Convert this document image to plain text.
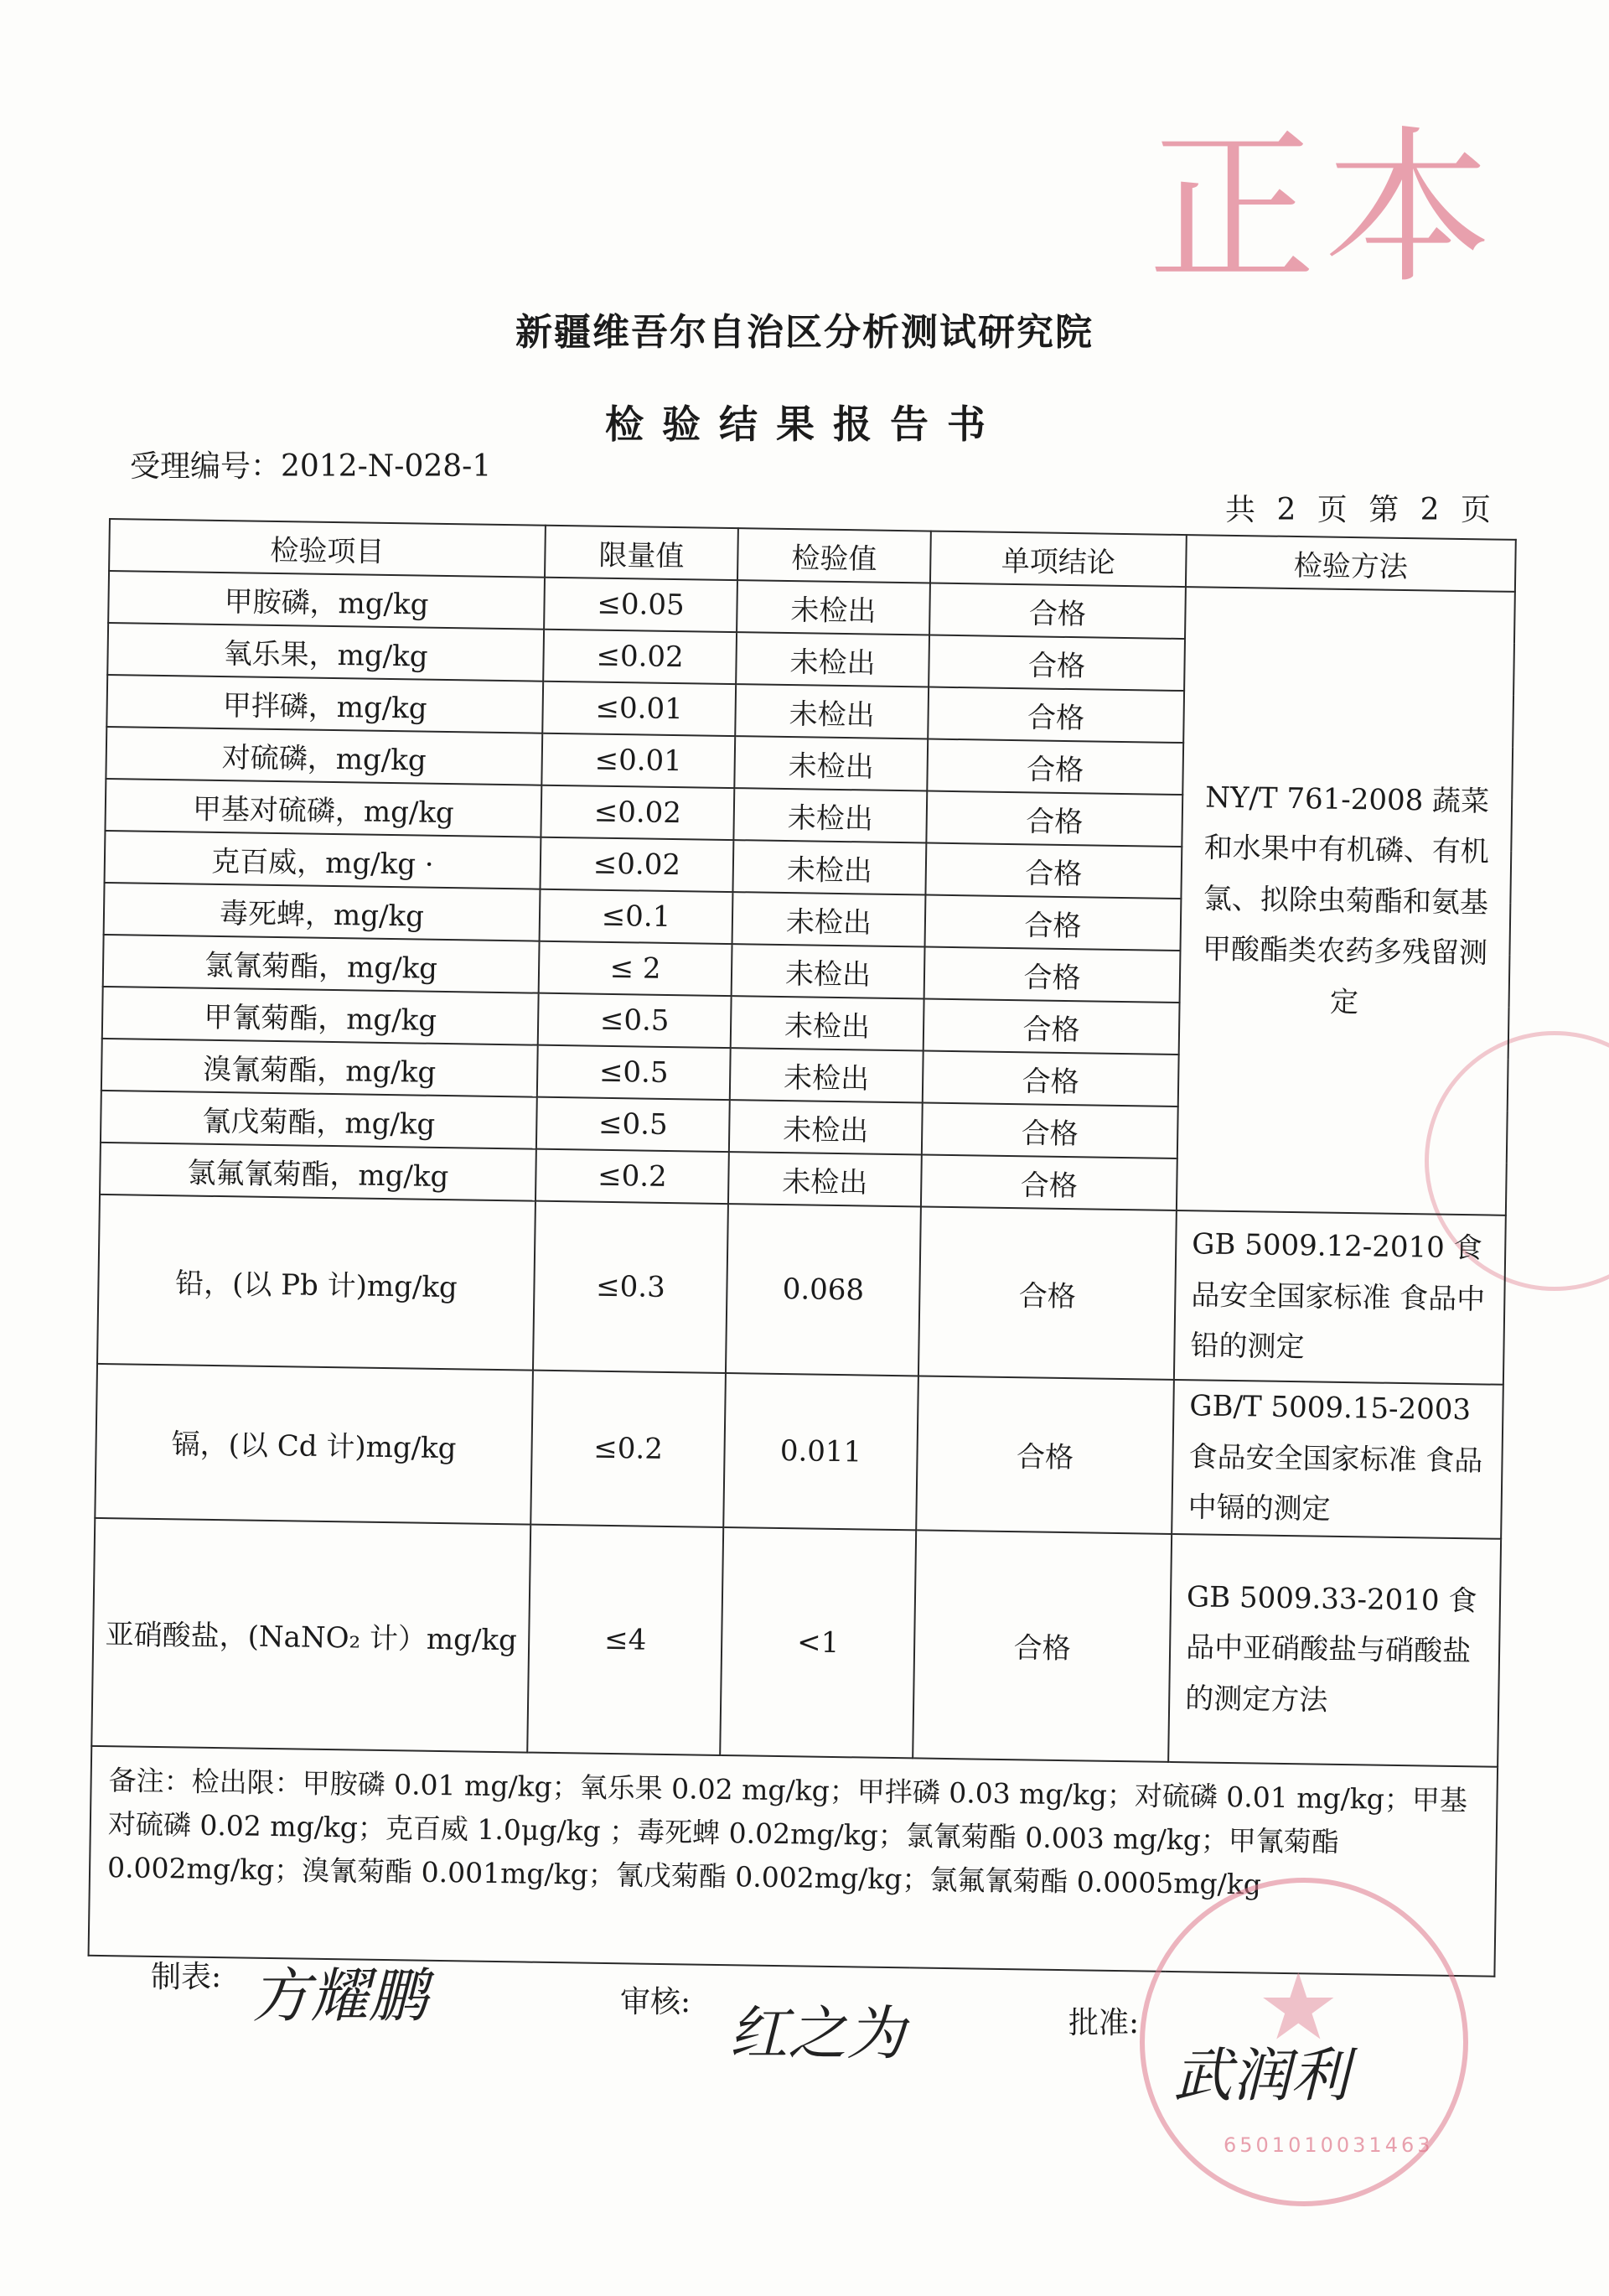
正本
新疆维吾尔自治区分析测试研究院
检验结果报告书
受理编号：2012-N-028-1
共 2 页 第 2 页
检验项目	限量值	检验值	单项结论	检验方法
甲胺磷，mg/kg	≤0.05	未检出	合格	NY/T 761-2008 蔬菜和水果中有机磷、有机氯、拟除虫菊酯和氨基甲酸酯类农药多残留测定
氧乐果，mg/kg	≤0.02	未检出	合格	
甲拌磷，mg/kg	≤0.01	未检出	合格	
对硫磷，mg/kg	≤0.01	未检出	合格	
甲基对硫磷，mg/kg	≤0.02	未检出	合格	
克百威，mg/kg ·	≤0.02	未检出	合格	
毒死蜱，mg/kg	≤0.1	未检出	合格	
氯氰菊酯，mg/kg	≤ 2	未检出	合格	
甲氰菊酯，mg/kg	≤0.5	未检出	合格	
溴氰菊酯，mg/kg	≤0.5	未检出	合格	
氰戊菊酯，mg/kg	≤0.5	未检出	合格	
氯氟氰菊酯，mg/kg	≤0.2	未检出	合格	
铅，(以 Pb 计)mg/kg	≤0.3	0.068	合格	GB 5009.12-2010 食品安全国家标准 食品中铅的测定
镉，(以 Cd 计)mg/kg	≤0.2	0.011	合格	GB/T 5009.15-2003 食品安全国家标准 食品中镉的测定
亚硝酸盐，(NaNO₂ 计）mg/kg	≤4	<1	合格	GB 5009.33-2010 食品中亚硝酸盐与硝酸盐的测定方法
备注：检出限：甲胺磷 0.01 mg/kg；氧乐果 0.02 mg/kg；甲拌磷 0.03 mg/kg；对硫磷 0.01 mg/kg；甲基对硫磷 0.02 mg/kg；克百威 1.0μg/kg ；毒死蜱 0.02mg/kg；氯氰菊酯 0.003 mg/kg；甲氰菊酯 0.002mg/kg；溴氰菊酯 0.001mg/kg；氰戊菊酯 0.002mg/kg；氯氟氰菊酯 0.0005mg/kg				
制表: 方耀鹏	审核: 红之为	批准: ★
6501010031463
武润利
